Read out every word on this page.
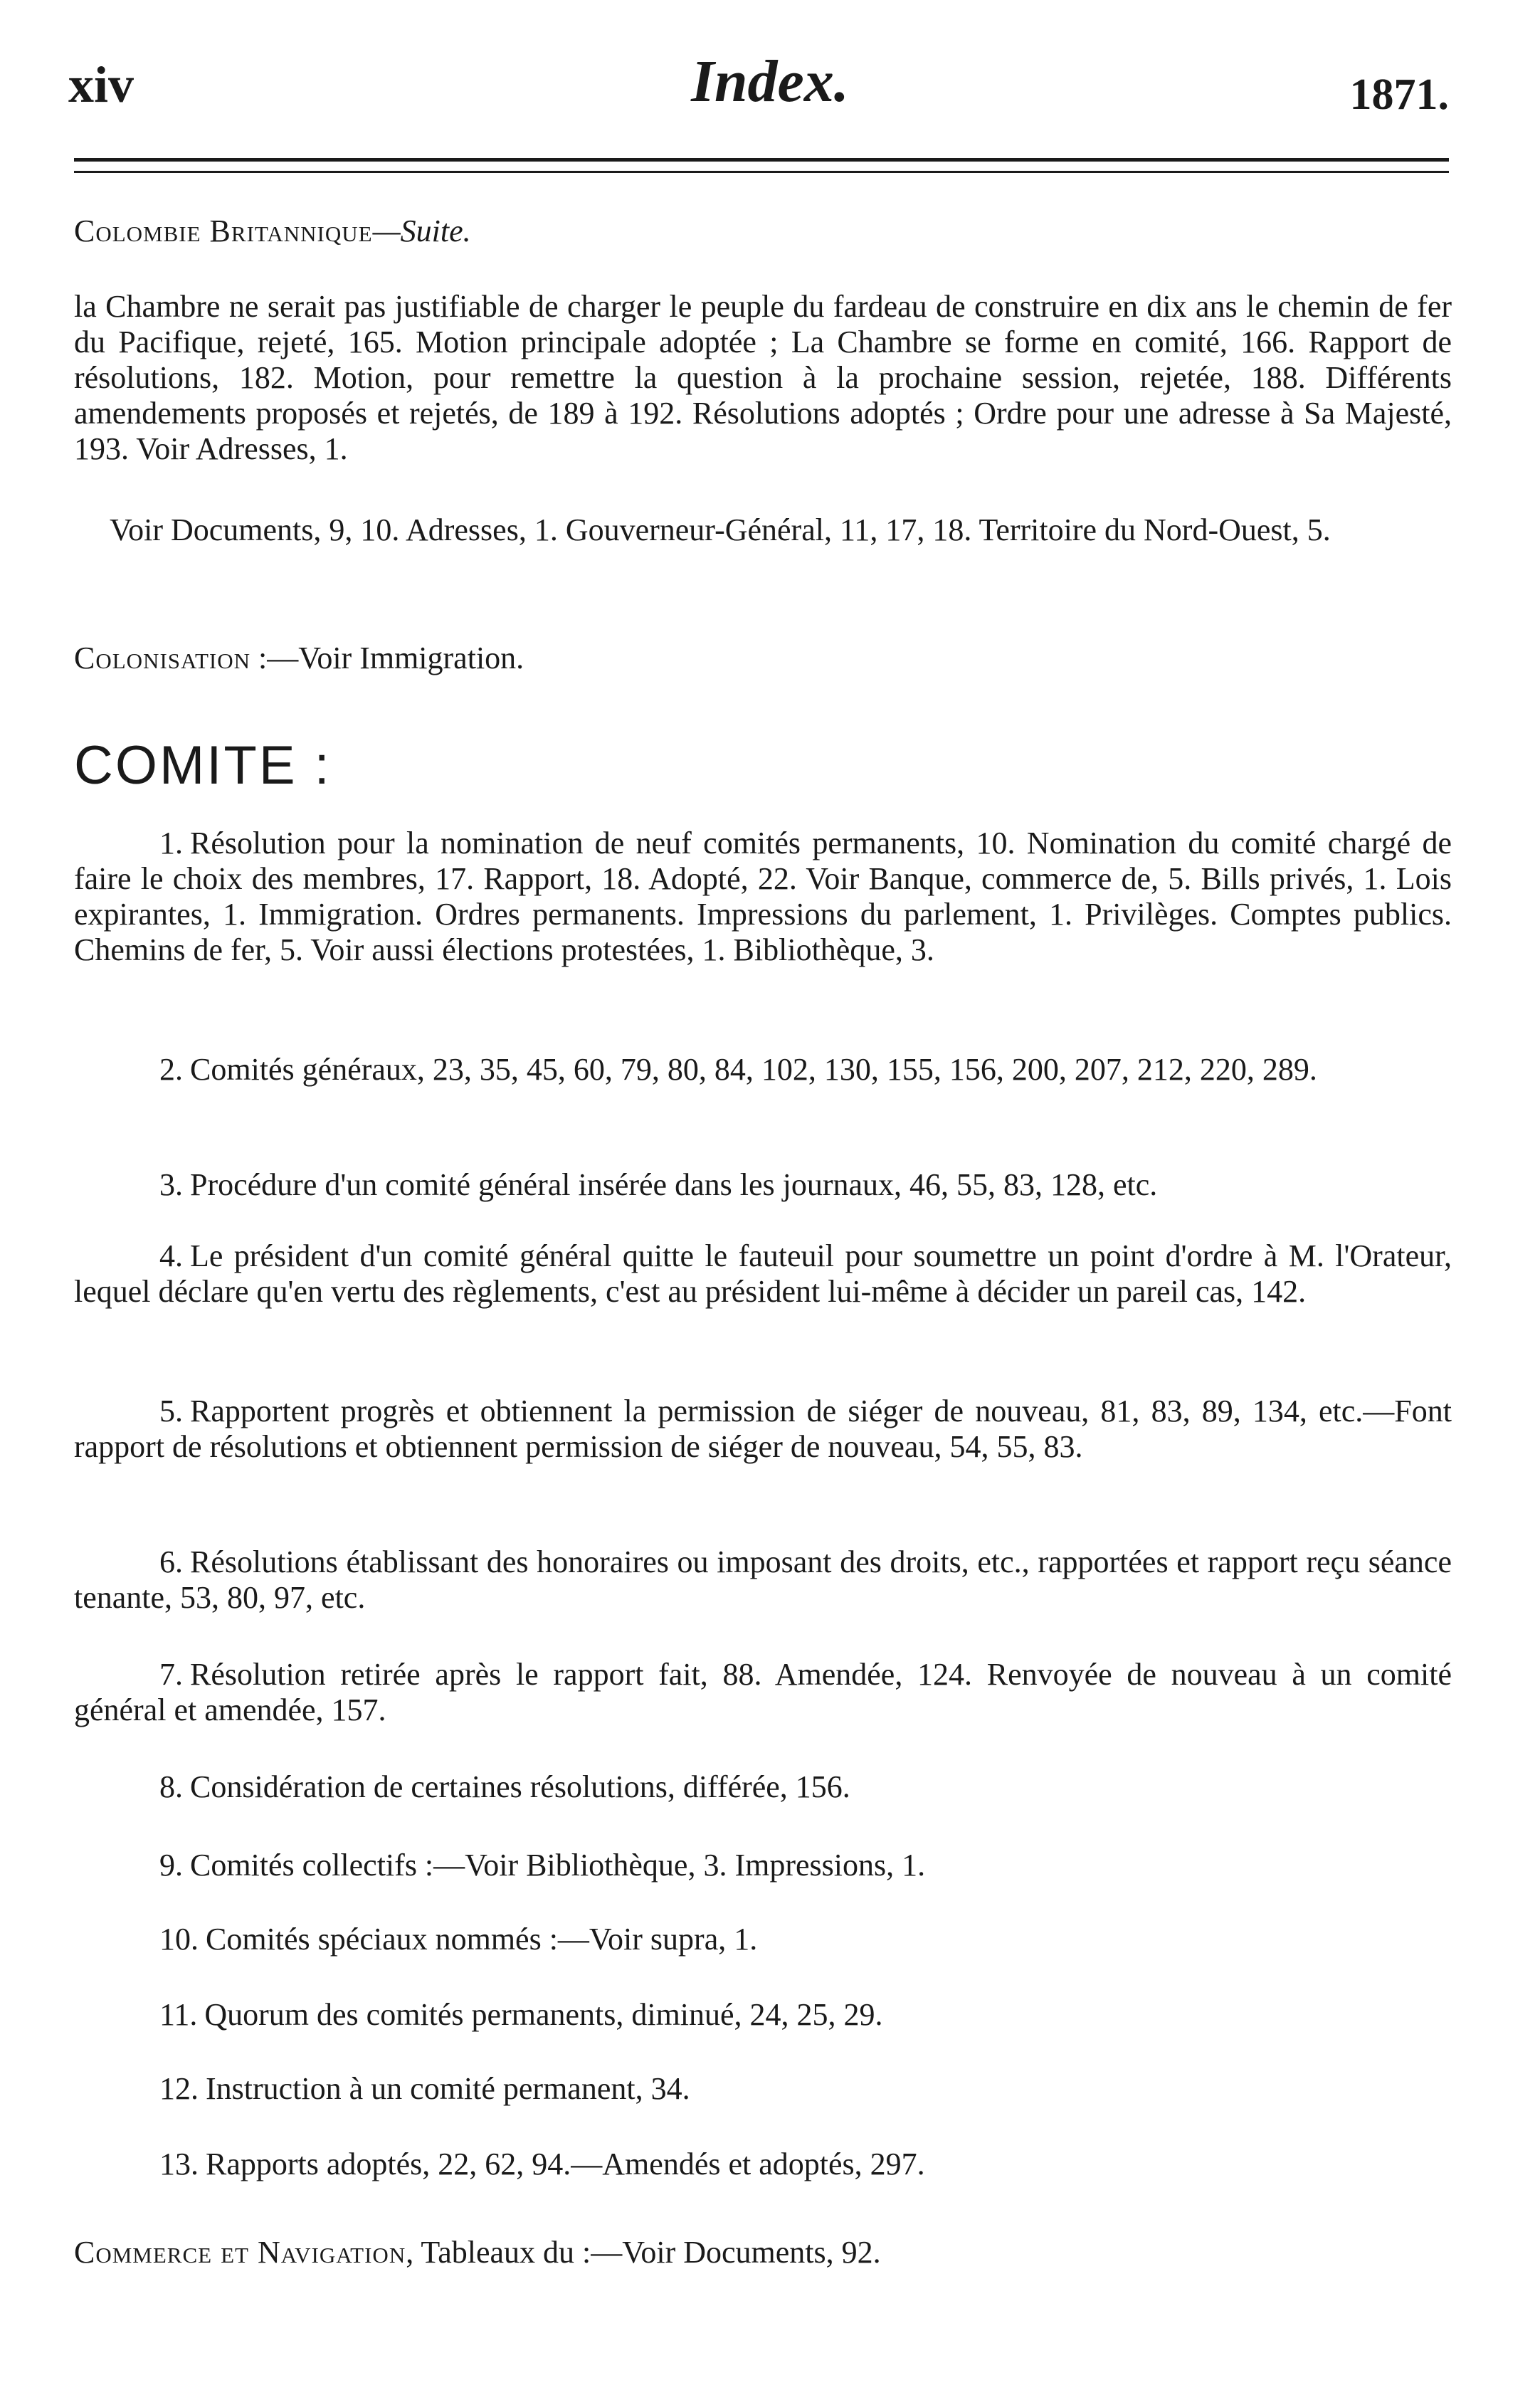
xiv	Index.	1871.
Colombie Britannique—Suite.
la Chambre ne serait pas justifiable de charger le peuple du fardeau de construire en dix ans le chemin de fer du Pacifique, rejeté, 165. Motion principale adoptée ; La Chambre se forme en comité, 166. Rapport de résolutions, 182. Motion, pour remettre la question à la prochaine session, rejetée, 188. Différents amendements proposés et rejetés, de 189 à 192. Résolutions adoptés ; Ordre pour une adresse à Sa Majesté, 193. Voir Adresses, 1.
Voir Documents, 9, 10. Adresses, 1. Gouverneur-Général, 11, 17, 18. Territoire du Nord-Ouest, 5.
Colonisation :—Voir Immigration.
COMITE :
1. Résolution pour la nomination de neuf comités permanents, 10. Nomination du comité chargé de faire le choix des membres, 17. Rapport, 18. Adopté, 22. Voir Banque, commerce de, 5. Bills privés, 1. Lois expirantes, 1. Immigration. Ordres permanents. Impressions du parlement, 1. Privilèges. Comptes publics. Chemins de fer, 5. Voir aussi élections protestées, 1. Bibliothèque, 3.
2. Comités généraux, 23, 35, 45, 60, 79, 80, 84, 102, 130, 155, 156, 200, 207, 212, 220, 289.
3. Procédure d'un comité général insérée dans les journaux, 46, 55, 83, 128, etc.
4. Le président d'un comité général quitte le fauteuil pour soumettre un point d'ordre à M. l'Orateur, lequel déclare qu'en vertu des règlements, c'est au président lui-même à décider un pareil cas, 142.
5. Rapportent progrès et obtiennent la permission de siéger de nouveau, 81, 83, 89, 134, etc.—Font rapport de résolutions et obtiennent permission de siéger de nouveau, 54, 55, 83.
6. Résolutions établissant des honoraires ou imposant des droits, etc., rapportées et rapport reçu séance tenante, 53, 80, 97, etc.
7. Résolution retirée après le rapport fait, 88. Amendée, 124. Renvoyée de nouveau à un comité général et amendée, 157.
8. Considération de certaines résolutions, différée, 156.
9. Comités collectifs :—Voir Bibliothèque, 3. Impressions, 1.
10. Comités spéciaux nommés :—Voir supra, 1.
11. Quorum des comités permanents, diminué, 24, 25, 29.
12. Instruction à un comité permanent, 34.
13. Rapports adoptés, 22, 62, 94.—Amendés et adoptés, 297.
Commerce et Navigation, Tableaux du :—Voir Documents, 92.
